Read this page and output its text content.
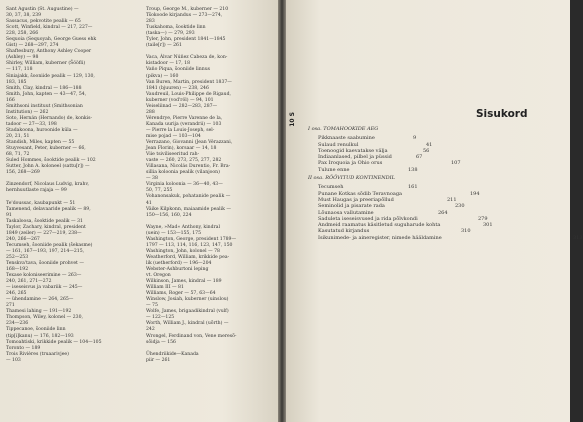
Sant Agustin (St. Augustine) —
30, 37, 38, 239
Sassacus, pekvotite pealik — 65
Scott, Winfield, kindral — 217, 227—
228, 258, 266
Sequoia (Sequoyah, George Guess ehk
Gist) — 268—297, 274
Shaftesbury, Anthony Ashley Cooper
(Ashley) — 98
Shirley, William, kuberner (Šööfli)
— 117, 118
Siniajakk, šooniide pealik — 129, 130,
183, 185
Smith, Clay, kindral — 186—188
Smith, John, kapten — 43—47, 54,
166
Smithsoni instituut (Smithsonian
Institution) — 262
Soto, Hernán (Hernando) de, konkis-
tadoor — 27—33, 198
Stadakoona, huroonide küla —
20, 21, 51
Standish, Miles, kapten — 55
Stuyvesant, Peter, kuberner — 66,
68, 71, 72
Suled Hommes, šooktide pealik — 102
Sutter, John A. koloneel (sattu[r]) —
156, 268—269

Zinzendorf, Nicolaus Ludvig, krahv,
hernhuutlaste rajaja — 99

Te'doussac, kaubapunkt — 51
Tamenend, delavaaride pealik — 89,
91
Taskaloosa, šooktide pealik — 31
Taylor, Zachary, kindral, president
1849 (zeiler) — 227—219, 238—
240, 266—267
Tecumseh, šooniide pealik (šekasme)
— 161, 167—193, 197, 214—215,
252—253
Tenskva'tava, šooniide prohvet —
168—192
Texase koloniseerimine — 263—
240, 261, 271—272
— iseseisvus ja vabariik — 245—
246, 265
— ühendamine — 264, 265—
271
Thamesi lahing — 191—192
Thompson, Wiley, kolonel — 230,
234—236
Tippecanoe, šooniide linn
(tip[i]kanu) — 176, 182—193
Tomoahtiski, krikkide pealik — 104—105
Toronto — 189
Trois Rivières (truaarivjee)
— 103
Troup, George M., kuberner — 210
Tšokoode kirjandus — 273—274,
283
Tuskahoma, šooktide linn
(taska—) — 279, 293
Tyler, John, president 1841—1845
(taile[r]) — 261

Vaca, Álvar Núñez Cabeza de, kon-
kistadoor — 17, 18
Vaño Piqua, šooniide linnus
(pikva) — 160
Van Buren, Martin, president 1837—
1841 (bjuuren) — 238, 246
Vaudreuil, Louis-Philippe de Rigaud,
kuberner (vod'röl) — 94, 101
Veiseliinad — 282—283, 287—
288
Vérendrye, Pierre Varenne de la,
Kanada uurija (verandrii) — 103
— Pierre la Louis-Joseph, sel-
mise pojad — 103—104
Verrazano, Giovanni (Jean Vérazzani,
Jean Florin), korsaar — 14, 18
Viie tsiviliseeritud rah-
vaste — 260, 273, 275, 277, 282
Villasana, Nicolás Durentio, Fr. Bra-
sillia koloonia pealik (vilanjoon)
— 38
Virginia koloonia — 36—40, 43—
50, 77, 255
Vohanonsakuk, pohatanide pealik —
41
Väike Kilpkonn, maiaamide pealik —
150—156, 160, 224

Wayne, »Mad« Anthony, kindral
(uein) — 153—155, 175
Washington, George, president 1789—
1797 — 113, 114, 116, 123, 147, 150
Washington, John, kolonel — 78
Weatherford, William, krikkide pea-
lik (uetherford) — 196—204
Webster-Ashburtoni leping
vt. Oregon
Wilkinson, James, kindral — 189
William III — 81
Williams, Roger — 57, 63—64
Winslow, Josiah, kuberner (uinslou)
— 75
Wolfe, James, brigaadikindral (vulf)
— 122—125
Worth, William J., kindral (uõrth) —
242
Wrongel, Ferdinand von, Vene meresõ-
sõidja — 156

Ühendriikide—Kanada
piir — 261
10 S	Sisukord
I osa. TOMAHOOKIDE AEG
Pikknaaste saabumine	9
Sulaud renulkul	41
Toenoogid kaevatakse välja	56
Indiaanlased, pilbel ja püssid	67
Pax Iroquoia ja Ohio orus	107
Tulune enne	138
II osa. RÖÖVITUD KONTINENDIL
Tecumseh	161
Punane Kotkas sõdib Teravnoaga	194
Must Haugas ja preeriapõllud	211
Seminolid ja pisarate rada	230
Lõunaosa vallutamine	264
Saduleta iseseisvused ja rida põlvkondi	279
Andmeid raamatus käsitletud suguharude kohta	301
Kasutatud kirjandus	310
Isikunimede- ja aineregister, nimede hääldamine	313
